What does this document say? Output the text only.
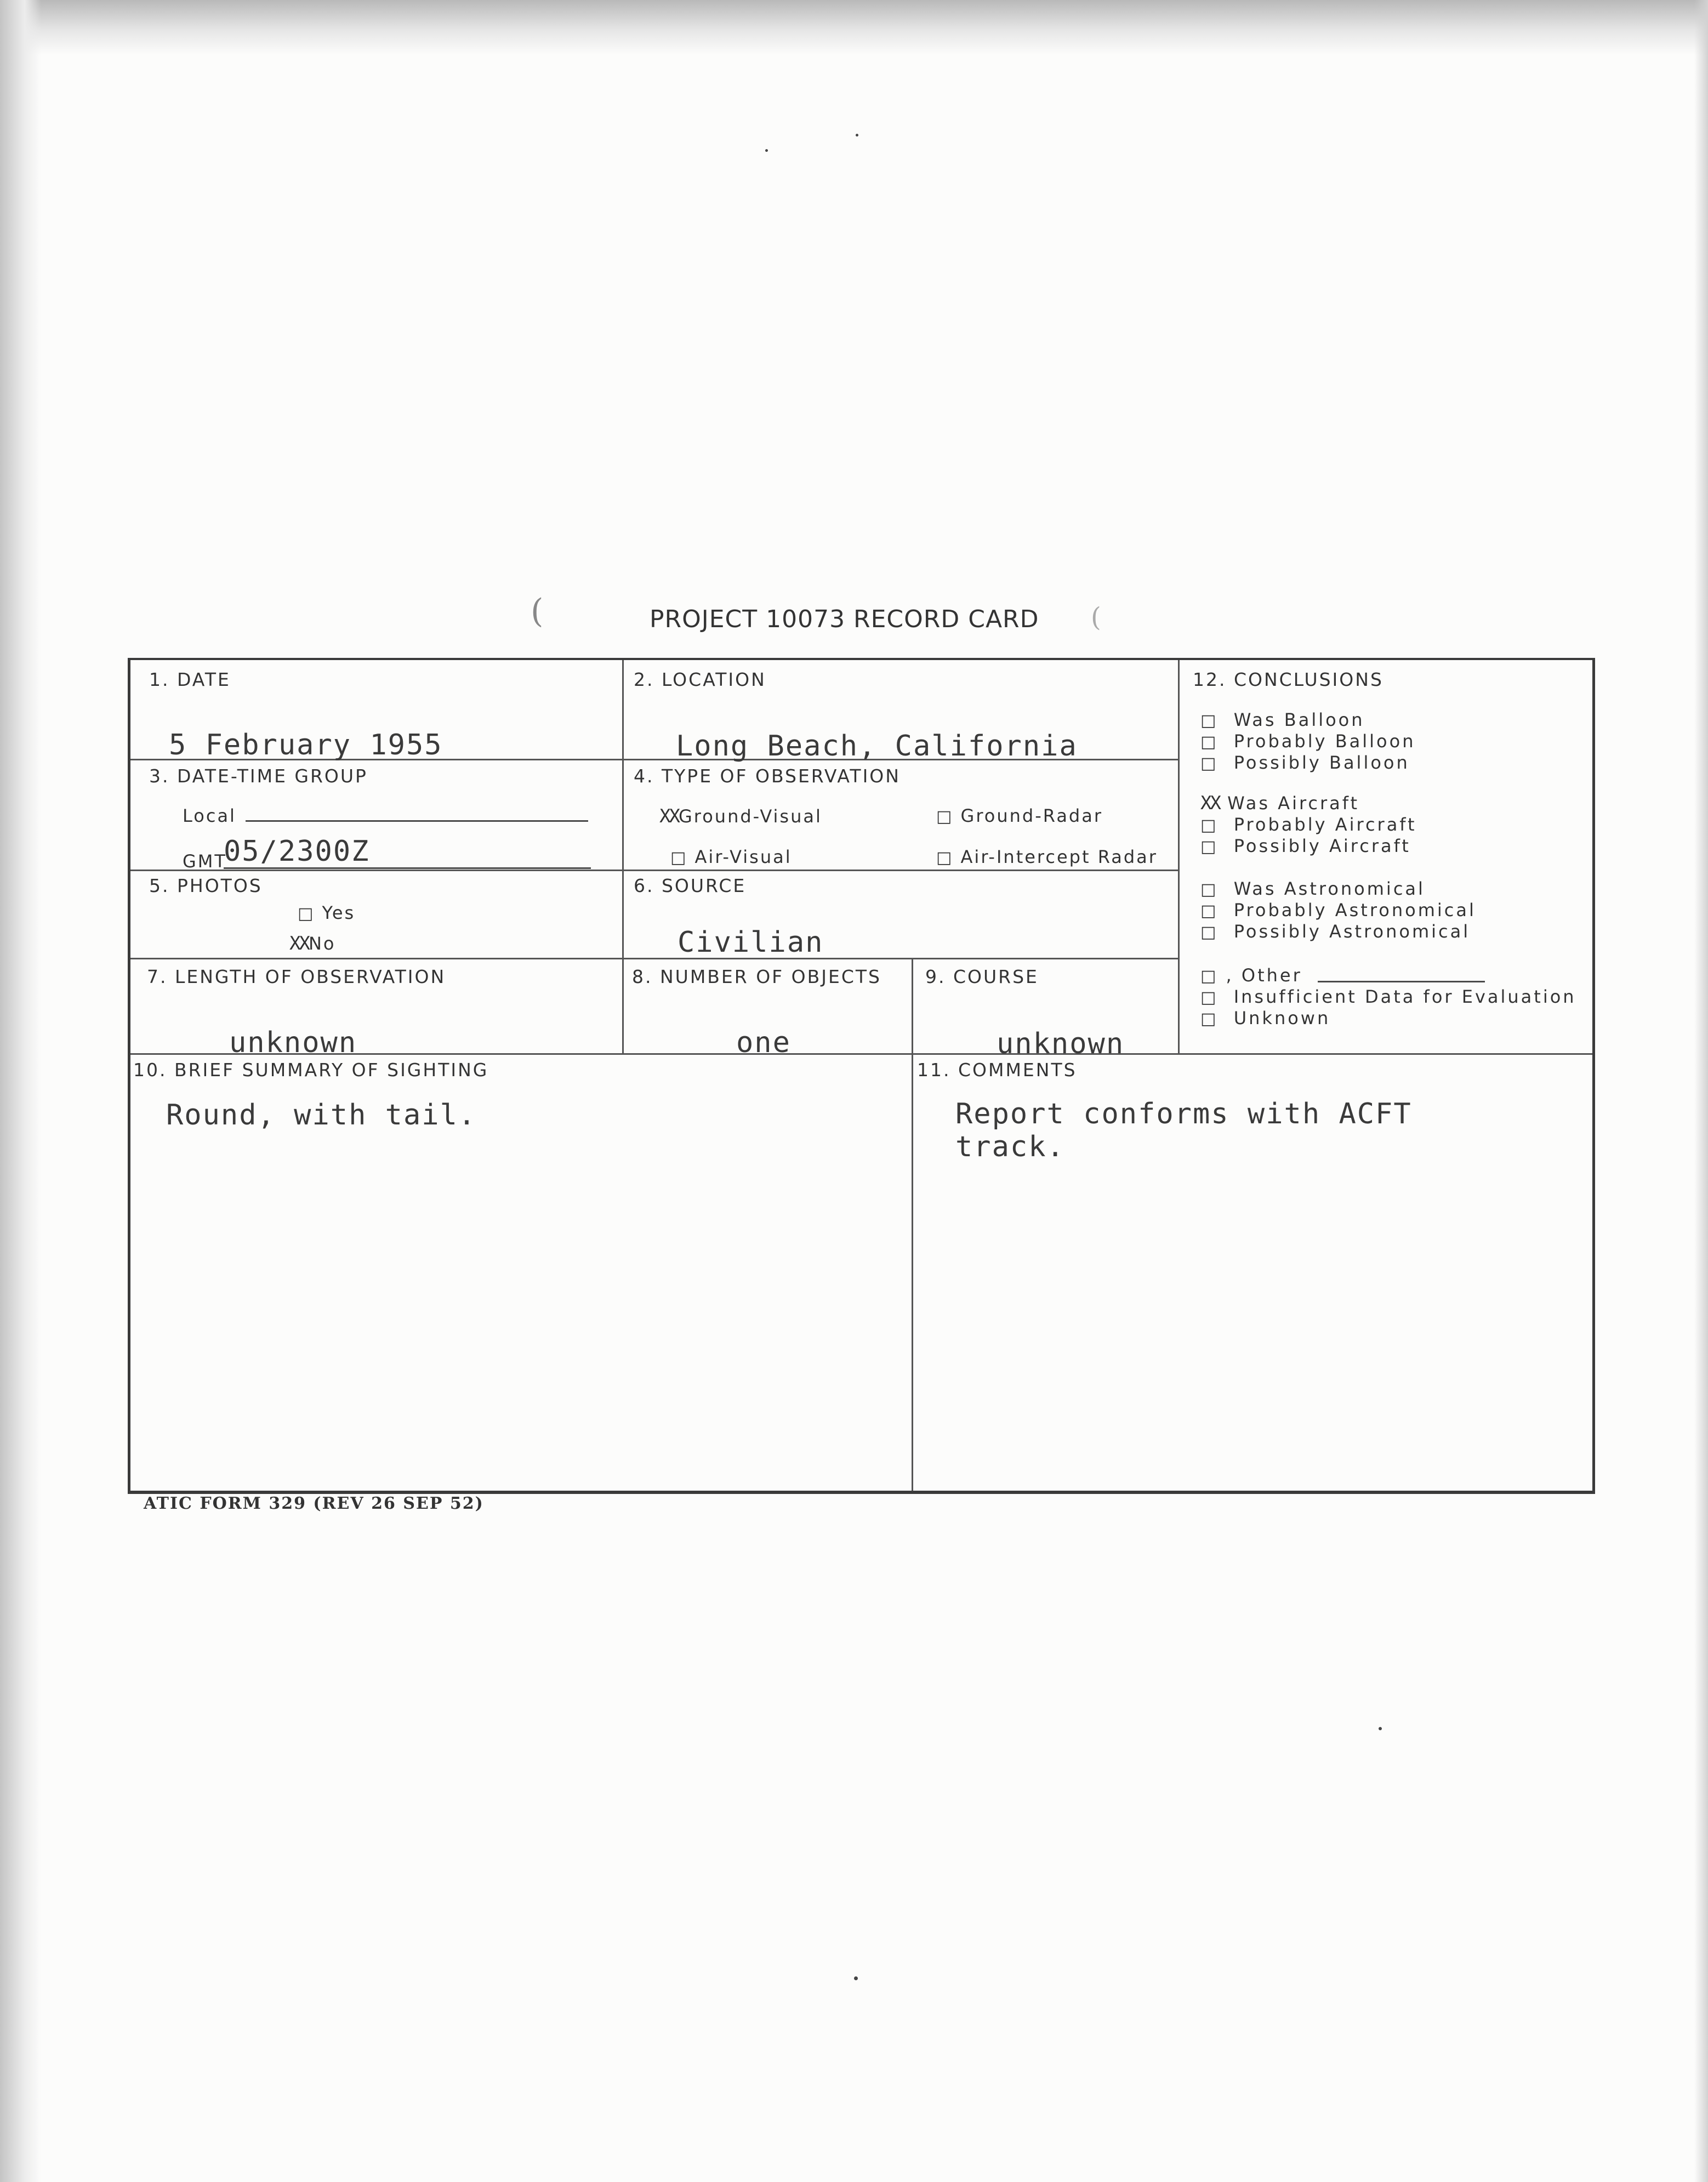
(	(
PROJECT 10073 RECORD CARD
1. DATE
5 February 1955
2. LOCATION
Long Beach, California
3. DATE-TIME GROUP
Local
GMT
05/2300Z
4. TYPE OF OBSERVATION
XXGround-Visual	□ Ground-Radar
□ Air-Visual	□ Air-Intercept Radar
5. PHOTOS
□ Yes
XXNo
6. SOURCE
Civilian
7. LENGTH OF OBSERVATION
unknown
8. NUMBER OF OBJECTS
one
9. COURSE
unknown
10. BRIEF SUMMARY OF SIGHTING
Round, with tail.
11. COMMENTS
Report conforms with ACFT
track.
12. CONCLUSIONS
□ Was Balloon
□ Probably Balloon
□ Possibly Balloon
XX Was Aircraft
□ Probably Aircraft
□ Possibly Aircraft
□ Was Astronomical
□ Probably Astronomical
□ Possibly Astronomical
□ , Other
□ Insufficient Data for Evaluation
□ Unknown
ATIC FORM 329 (REV 26 SEP 52)
